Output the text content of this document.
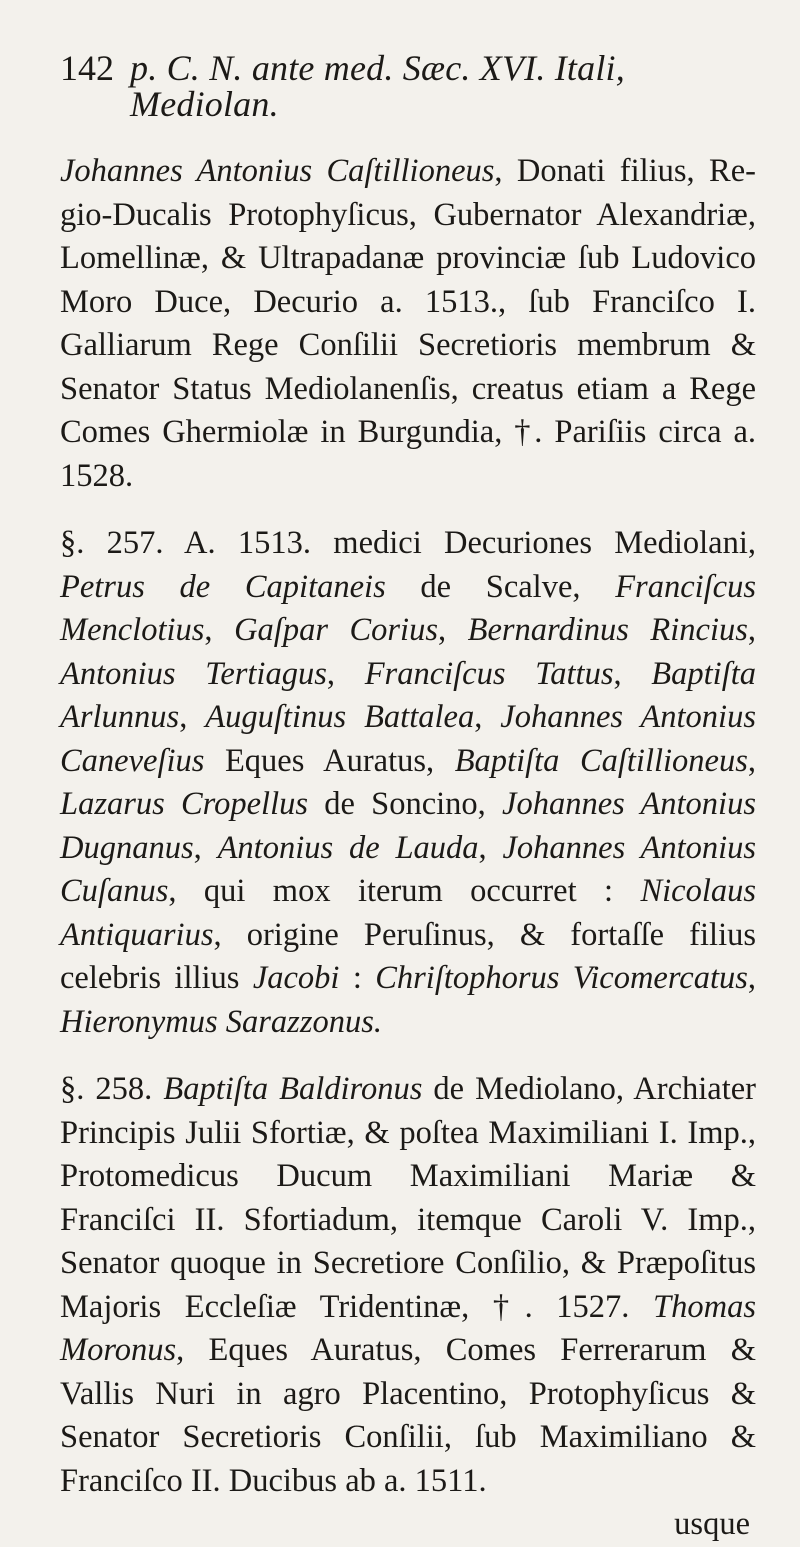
142 p. C. N. ante med. Sæc. XVI. Itali, Mediolan.

Johannes Antonius Caſtillioneus, Donati filius, Regio-Ducalis Protophyſicus, Gubernator Alexandriæ, Lomellinæ, & Ultrapadanæ provinciæ ſub Ludovico Moro Duce, Decurio a. 1513., ſub Franciſco I. Galliarum Rege Conſilii Secretioris membrum & Senator Status Mediolanenſis, creatus etiam a Rege Comes Ghermiolæ in Burgundia, †. Pariſiis circa a. 1528.

§. 257. A. 1513. medici Decuriones Mediolani, Petrus de Capitaneis de Scalve, Franciſcus Menclotius, Gaſpar Corius, Bernardinus Rincius, Antonius Tertiagus, Franciſcus Tattus, Baptiſta Arlunnus, Auguſtinus Battalea, Johannes Antonius Caneveſius Eques Auratus, Baptiſta Caſtillioneus, Lazarus Cropellus de Soncino, Johannes Antonius Dugnanus, Antonius de Lauda, Johannes Antonius Cuſanus, qui mox iterum occurret : Nicolaus Antiquarius, origine Peruſinus, & fortaſſe filius celebris illius Jacobi : Chriſtophorus Vicomercatus, Hieronymus Sarazzonus.

§. 258. Baptiſta Baldironus de Mediolano, Archiater Principis Julii Sfortiæ, & poſtea Maximiliani I. Imp., Protomedicus Ducum Maximiliani Mariæ & Franciſci II. Sfortiadum, itemque Caroli V. Imp., Senator quoque in Secretiore Conſilio, & Præpoſitus Majoris Eccleſiæ Tridentinæ, †. 1527. Thomas Moronus, Eques Auratus, Comes Ferrerarum & Vallis Nuri in agro Placentino, Protophyſicus & Senator Secretioris Conſilii, ſub Maximiliano & Franciſco II. Ducibus ab a. 1511.

usque
